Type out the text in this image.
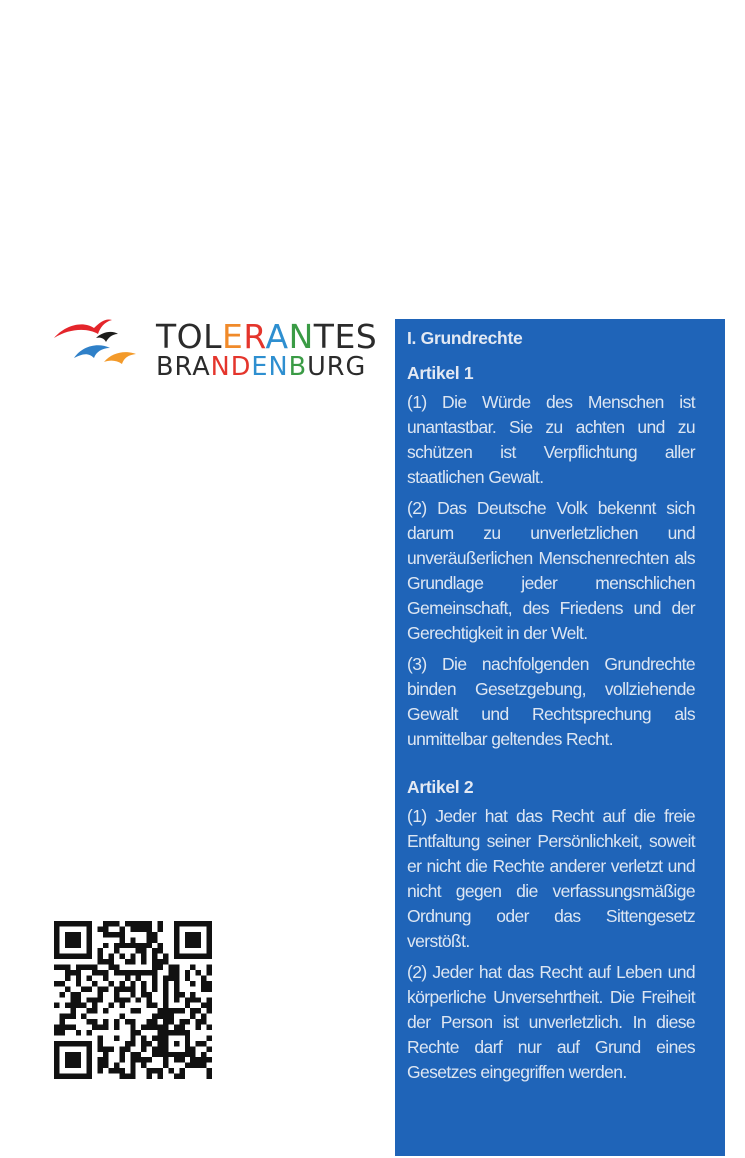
TOLERANTES
BRANDENBURG

I. Grundrechte

Artikel 1

(1) Die Würde des Menschen ist unantastbar. Sie zu achten und zu schützen ist Verpflichtung aller staatlichen Gewalt.

(2) Das Deutsche Volk bekennt sich darum zu unverletzlichen und unveräußerlichen Menschenrechten als Grundlage jeder menschlichen Gemeinschaft, des Friedens und der Gerechtigkeit in der Welt.

(3) Die nachfolgenden Grundrechte binden Gesetzgebung, vollziehende Gewalt und Rechtsprechung als unmittelbar geltendes Recht.

Artikel 2

(1) Jeder hat das Recht auf die freie Entfaltung seiner Persönlichkeit, soweit er nicht die Rechte anderer verletzt und nicht gegen die verfassungsmäßige Ordnung oder das Sittengesetz verstößt.

(2) Jeder hat das Recht auf Leben und körperliche Unversehrtheit. Die Freiheit der Person ist unverletzlich. In diese Rechte darf nur auf Grund eines Gesetzes eingegriffen werden.
